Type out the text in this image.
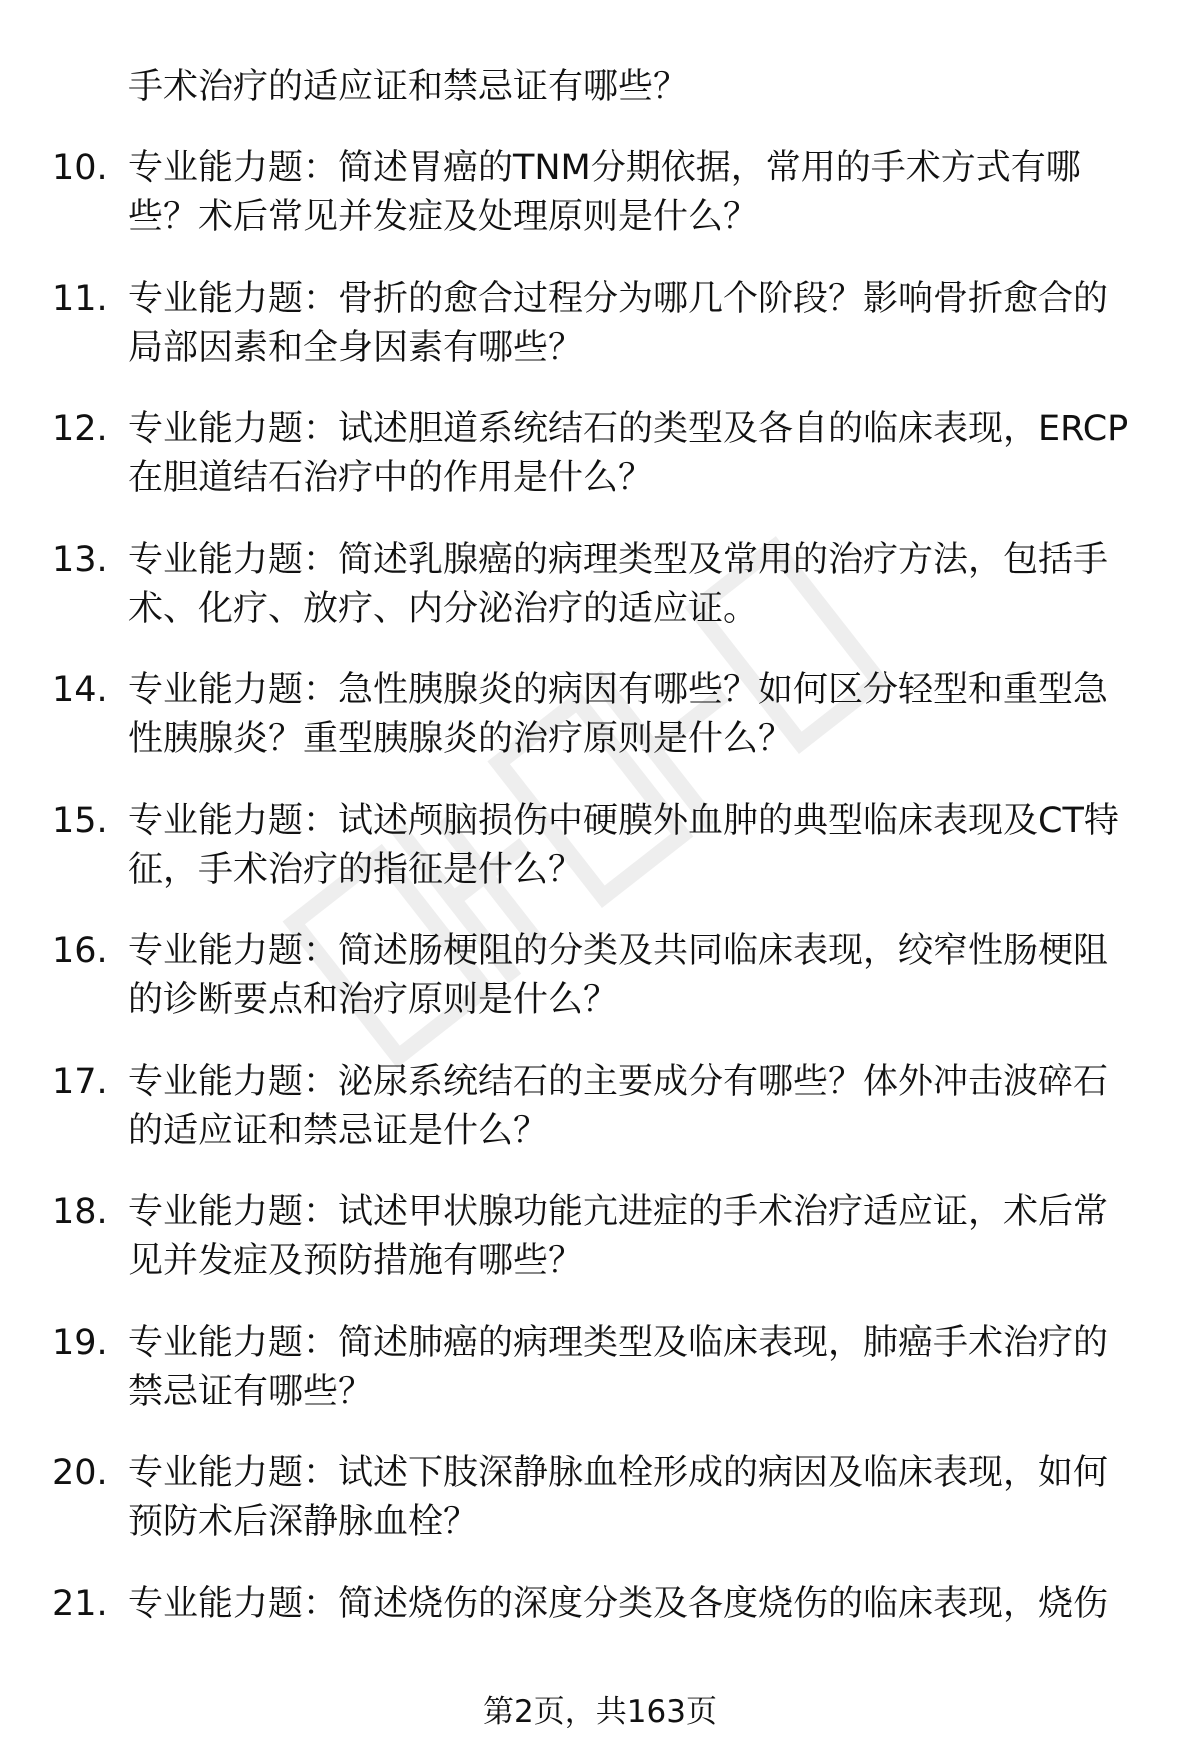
手术治疗的适应证和禁忌证有哪些？
10. 专业能力题：简述胃癌的TNM分期依据，常用的手术方式有哪
些？术后常见并发症及处理原则是什么？
11. 专业能力题：骨折的愈合过程分为哪几个阶段？影响骨折愈合的
局部因素和全身因素有哪些？
12. 专业能力题：试述胆道系统结石的类型及各自的临床表现，ERCP
在胆道结石治疗中的作用是什么？
13. 专业能力题：简述乳腺癌的病理类型及常用的治疗方法，包括手
术、化疗、放疗、内分泌治疗的适应证。
14. 专业能力题：急性胰腺炎的病因有哪些？如何区分轻型和重型急
性胰腺炎？重型胰腺炎的治疗原则是什么？
15. 专业能力题：试述颅脑损伤中硬膜外血肿的典型临床表现及CT特
征，手术治疗的指征是什么？
16. 专业能力题：简述肠梗阻的分类及共同临床表现，绞窄性肠梗阻
的诊断要点和治疗原则是什么？
17. 专业能力题：泌尿系统结石的主要成分有哪些？体外冲击波碎石
的适应证和禁忌证是什么？
18. 专业能力题：试述甲状腺功能亢进症的手术治疗适应证，术后常
见并发症及预防措施有哪些？
19. 专业能力题：简述肺癌的病理类型及临床表现，肺癌手术治疗的
禁忌证有哪些？
20. 专业能力题：试述下肢深静脉血栓形成的病因及临床表现，如何
预防术后深静脉血栓？
21. 专业能力题：简述烧伤的深度分类及各度烧伤的临床表现，烧伤
第2页，共163页
